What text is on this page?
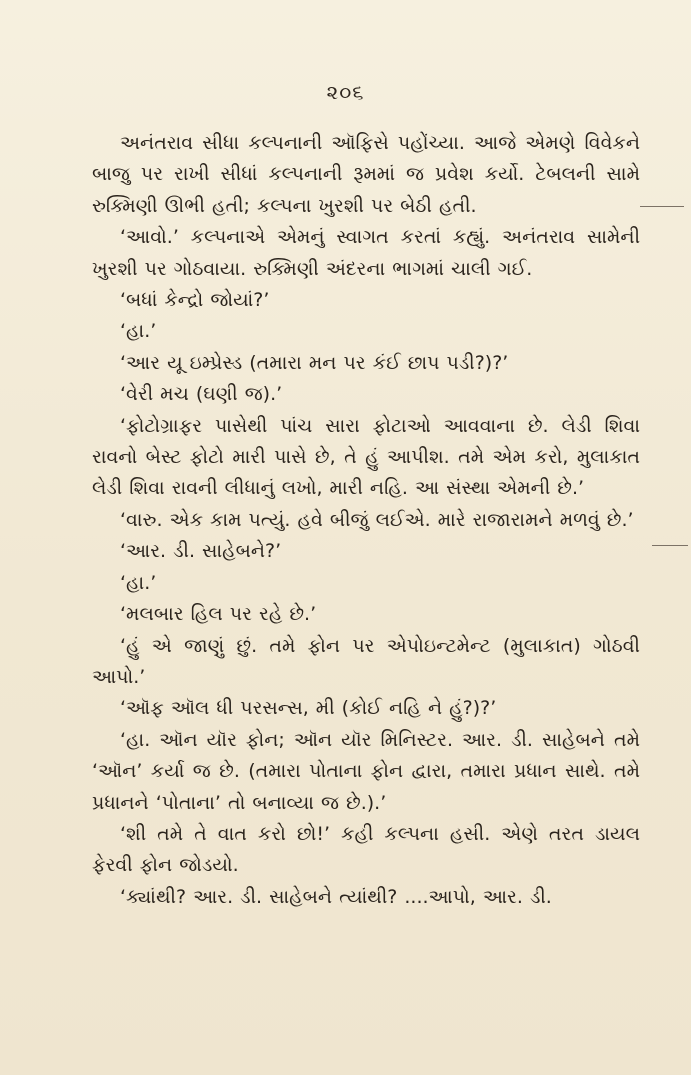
૨૦૬

અનંતરાવ સીધા કલ્પનાની ઑફિસે પહોંચ્યા. આજે એમણે વિવેકને બાજુ પર રાખી સીધાં કલ્પનાની રૂમમાં જ પ્રવેશ કર્યો. ટેબલની સામે રુક્મિણી ઊભી હતી; કલ્પના ખુરશી પર બેઠી હતી.

‘આવો.’ કલ્પનાએ એમનું સ્વાગત કરતાં કહ્યું. અનંતરાવ સામેની ખુરશી પર ગોઠવાયા. રુક્મિણી અંદરના ભાગમાં ચાલી ગઈ.

‘બધાં કેન્દ્રો જોયાં?’

‘હા.’

‘આર યૂ ઇમ્પ્રેસ્ડ (તમારા મન પર કંઈ છાપ પડી?)?’

‘વેરી મચ (ઘણી જ).’

‘ફોટોગ્રાફર પાસેથી પાંચ સારા ફોટાઓ આવવાના છે. લેડી શિવા રાવનો બેસ્ટ ફોટો મારી પાસે છે, તે હું આપીશ. તમે એમ કરો, મુલાકાત લેડી શિવા રાવની લીધાનું લખો, મારી નહિ. આ સંસ્થા એમની છે.’

‘વારુ. એક કામ પત્યું. હવે બીજું લઈએ. મારે રાજારામને મળવું છે.’

‘આર. ડી. સાહેબને?’

‘હા.’

‘મલબાર હિલ પર રહે છે.’

‘હું એ જાણું છું. તમે ફોન પર એપોઇન્ટમેન્ટ (મુલાકાત) ગોઠવી આપો.’

‘ઑફ ઑલ ધી પરસન્સ, મી (કોઈ નહિ ને હું?)?’

‘હા. ઑન યૉર ફોન; ઑન યૉર મિનિસ્ટર. આર. ડી. સાહેબને તમે ‘ઑન’ કર્યા જ છે. (તમારા પોતાના ફોન દ્વારા, તમારા પ્રધાન સાથે. તમે પ્રધાનને ‘પોતાના’ તો બનાવ્યા જ છે.).’

‘શી તમે તે વાત કરો છો!’ કહી કલ્પના હસી. એણે તરત ડાયલ ફેરવી ફોન જોડયો.

‘ક્યાંથી? આર. ડી. સાહેબને ત્યાંથી? ....આપો, આર. ડી.
